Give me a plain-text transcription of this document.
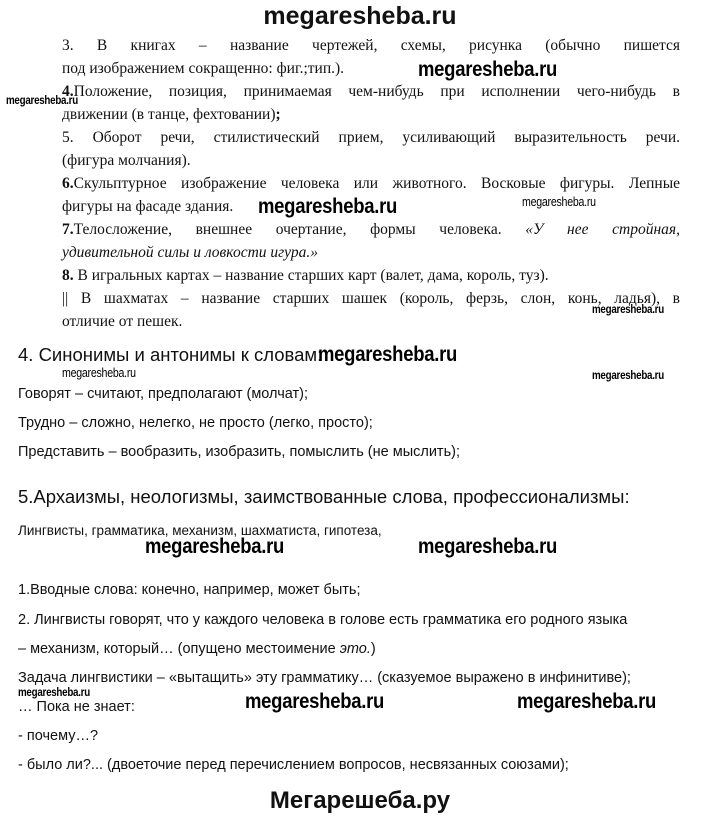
megaresheba.ru
3. В книгах – название чертежей, схемы, рисунка (обычно пишется
под изображением сокращенно: фиг.;тип.).	megaresheba.ru
4.Положение, позиция, принимаемая чем-нибудь при исполнении чего-нибудь в
megaresheba.ru
движении (в танце, фехтовании);
5. Оборот речи, стилистический прием, усиливающий выразительность речи.
(фигура молчания).
6.Скульптурное изображение человека или животного. Восковые фигуры. Лепные
фигуры на фасаде здания. megaresheba.ru	megaresheba.ru
7.Телосложение, внешнее очертание, формы человека. «У нее стройная,
удивительной силы и ловкости игура.»
8. В игральных картах – название старших карт (валет, дама, король, туз).
|| В шахматах – название старших шашек (король, ферзь, слон, конь, ладья), в
megaresheba.ru
отличие от пешек.
4. Синонимы и антонимы к словам:
megaresheba.ru
megaresheba.ru	megaresheba.ru
Говорят – считают, предполагают (молчат);
Трудно – сложно, нелегко, не просто (легко, просто);
Представить – вообразить, изобразить, помыслить (не мыслить);
5.Архаизмы, неологизмы, заимствованные слова, профессионализмы:
Лингвисты, грамматика, механизм, шахматиста, гипотеза,
megaresheba.ru	megaresheba.ru
1.Вводные слова: конечно, например, может быть;
2. Лингвисты говорят, что у каждого человека в голове есть грамматика его родного языка
– механизм, который… (опущено местоимение это.)
Задача лингвистики – «вытащить» эту грамматику… (сказуемое выражено в инфинитиве);
megaresheba.ru	megaresheba.ru	megaresheba.ru
… Пока не знает:
- почему…?
- было ли?... (двоеточие перед перечислением вопросов, несвязанных союзами);
Мегарешеба.ру
